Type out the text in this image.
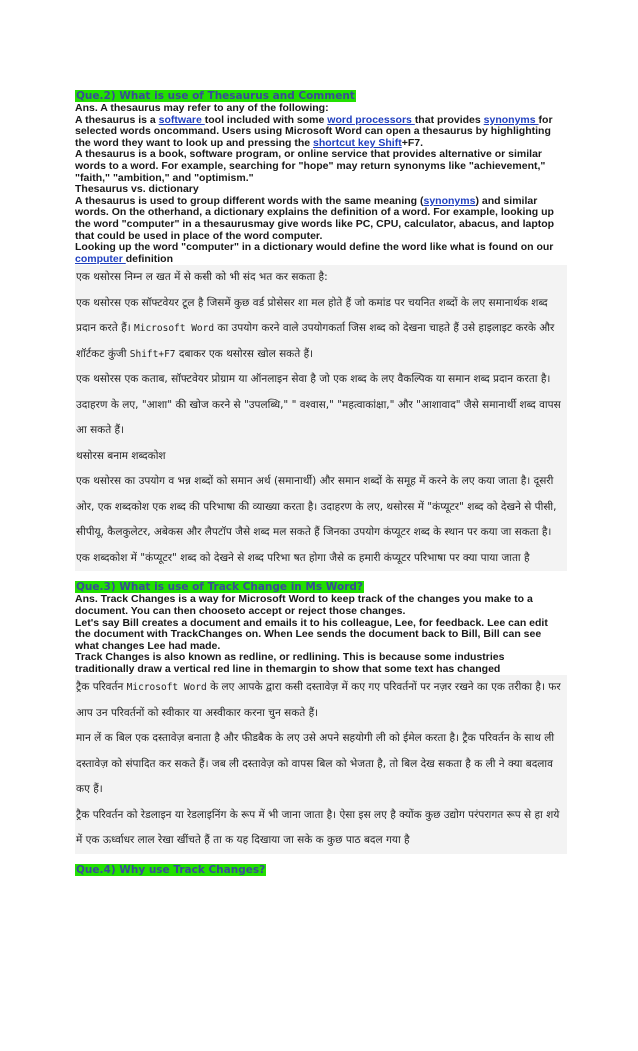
Que.2) What is use of Thesaurus and Comment
Ans. A thesaurus may refer to any of the following:
A thesaurus is a software tool included with some word processors that provides synonyms for selected words oncommand. Users using Microsoft Word can open a thesaurus by highlighting the word they want to look up and pressing the shortcut key Shift+F7.
A thesaurus is a book, software program, or online service that provides alternative or similar words to a word. For example, searching for "hope" may return synonyms like "achievement," "faith," "ambition," and "optimism."
Thesaurus vs. dictionary
A thesaurus is used to group different words with the same meaning (synonyms) and similar words. On the otherhand, a dictionary explains the definition of a word. For example, looking up the word "computer" in a thesaurusmay give words like PC, CPU, calculator, abacus, and laptop that could be used in place of the word computer.
Looking up the word "computer" in a dictionary would define the word like what is found on our computer definition
एक थसोरस निम्न ल खत में से कसी को भी संद भत कर सकता है:
एक थसोरस एक सॉफ्टवेयर टूल है जिसमें कुछ वर्ड प्रोसेसर शा मल होते हैं जो कमांड पर चयनित शब्दों के लए समानार्थक शब्द प्रदान करते हैं। Microsoft Word का उपयोग करने वाले उपयोगकर्ता जिस शब्द को देखना चाहते हैं उसे हाइलाइट करके और शॉर्टकट कुंजी Shift+F7 दबाकर एक थसोरस खोल सकते हैं।
एक थसोरस एक कताब, सॉफ्टवेयर प्रोग्राम या ऑनलाइन सेवा है जो एक शब्द के लए वैकल्पिक या समान शब्द प्रदान करता है। उदाहरण के लए, "आशा" की खोज करने से "उपलब्धि," " वश्वास," "महत्वाकांक्षा," और "आशावाद" जैसे समानार्थी शब्द वापस आ सकते हैं।
थसोरस बनाम शब्दकोश
एक थसोरस का उपयोग व भन्न शब्दों को समान अर्थ (समानार्थी) और समान शब्दों के समूह में करने के लए कया जाता है। दूसरी ओर, एक शब्दकोश एक शब्द की परिभाषा की व्याख्या करता है। उदाहरण के लए, थसोरस में "कंप्यूटर" शब्द को देखने से पीसी, सीपीयू, कैलकुलेटर, अबेकस और लैपटॉप जैसे शब्द मल सकते हैं जिनका उपयोग कंप्यूटर शब्द के स्थान पर कया जा सकता है।
एक शब्दकोश में "कंप्यूटर" शब्द को देखने से शब्द परिभा षत होगा जैसे क हमारी कंप्यूटर परिभाषा पर क्या पाया जाता है
Que.3) What is use of Track Change in Ms Word?
Ans. Track Changes is a way for Microsoft Word to keep track of the changes you make to a document. You can then chooseto accept or reject those changes.
Let's say Bill creates a document and emails it to his colleague, Lee, for feedback. Lee can edit the document with TrackChanges on. When Lee sends the document back to Bill, Bill can see what changes Lee had made.
Track Changes is also known as redline, or redlining. This is because some industries traditionally draw a vertical red line in themargin to show that some text has changed
ट्रैक परिवर्तन Microsoft Word के लए आपके द्वारा कसी दस्तावेज़ में कए गए परिवर्तनों पर नज़र रखने का एक तरीका है। फर आप उन परिवर्तनों को स्वीकार या अस्वीकार करना चुन सकते हैं।
मान लें क बिल एक दस्तावेज़ बनाता है और फीडबैक के लए उसे अपने सहयोगी ली को ईमेल करता है। ट्रैक परिवर्तन के साथ ली दस्तावेज़ को संपादित कर सकते हैं। जब ली दस्तावेज़ को वापस बिल को भेजता है, तो बिल देख सकता है क ली ने क्या बदलाव कए हैं।
ट्रैक परिवर्तन को रेडलाइन या रेडलाइनिंग के रूप में भी जाना जाता है। ऐसा इस लए है क्योंक कुछ उद्योग परंपरागत रूप से हा शये में एक ऊर्ध्वाधर लाल रेखा खींचते हैं ता क यह दिखाया जा सके क कुछ पाठ बदल गया है
Que.4) Why use Track Changes?
